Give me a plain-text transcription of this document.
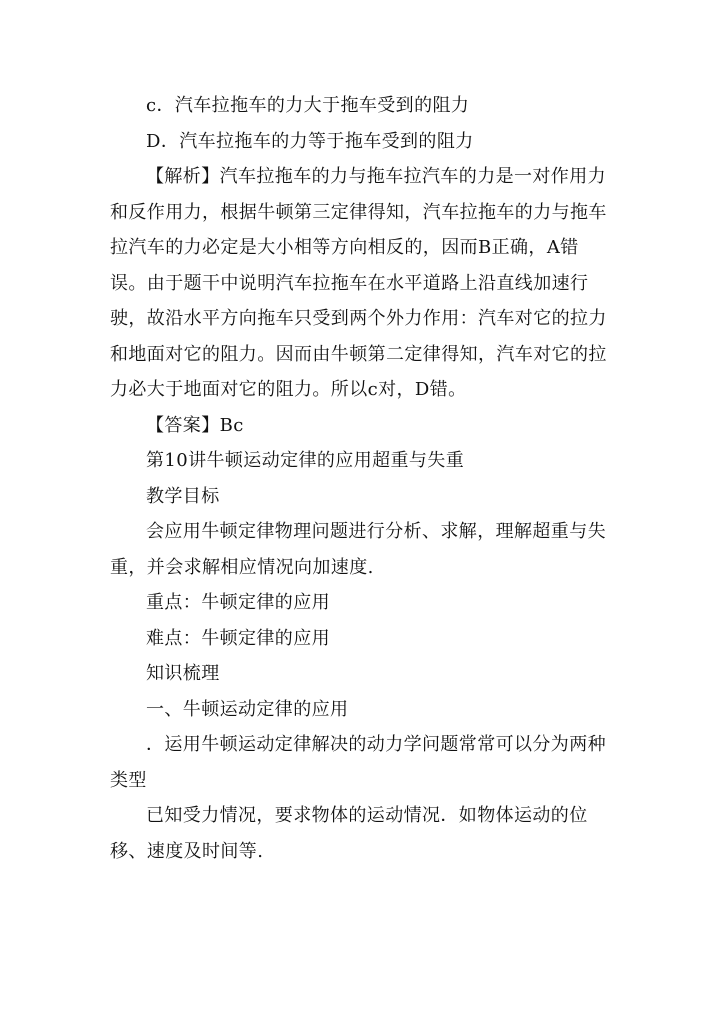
c．汽车拉拖车的力大于拖车受到的阻力

D．汽车拉拖车的力等于拖车受到的阻力

【解析】汽车拉拖车的力与拖车拉汽车的力是一对作用力和反作用力，根据牛顿第三定律得知，汽车拉拖车的力与拖车拉汽车的力必定是大小相等方向相反的，因而B正确，A错误。由于题干中说明汽车拉拖车在水平道路上沿直线加速行驶，故沿水平方向拖车只受到两个外力作用：汽车对它的拉力和地面对它的阻力。因而由牛顿第二定律得知，汽车对它的拉力必大于地面对它的阻力。所以c对，D错。

【答案】Bc

第10讲牛顿运动定律的应用超重与失重

教学目标

会应用牛顿定律物理问题进行分析、求解，理解超重与失重，并会求解相应情况向加速度.

重点：牛顿定律的应用

难点：牛顿定律的应用

知识梳理

一、牛顿运动定律的应用

．运用牛顿运动定律解决的动力学问题常常可以分为两种类型

已知受力情况，要求物体的运动情况．如物体运动的位移、速度及时间等.
